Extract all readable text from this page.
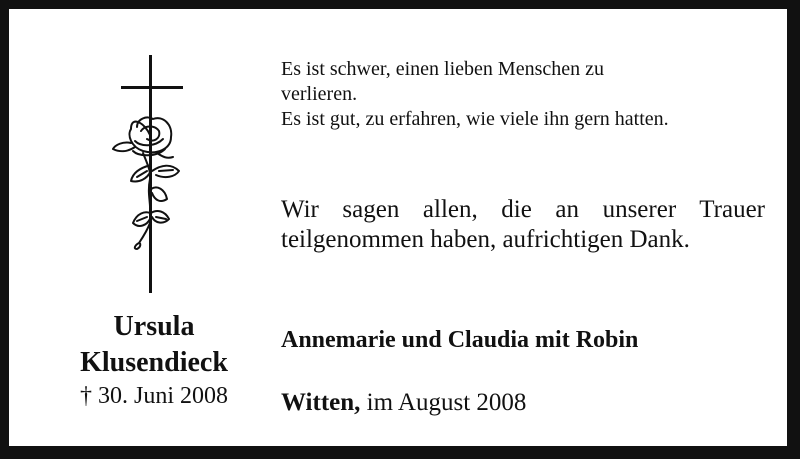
Ursula
Klusendieck
† 30. Juni 2008
Es ist schwer, einen lieben Menschen zu
verlieren.
Es ist gut, zu erfahren, wie viele ihn gern hatten.
Wir sagen allen, die an unserer Trauer
teilgenommen haben, aufrichtigen Dank.
Annemarie und Claudia mit Robin
Witten, im August 2008
